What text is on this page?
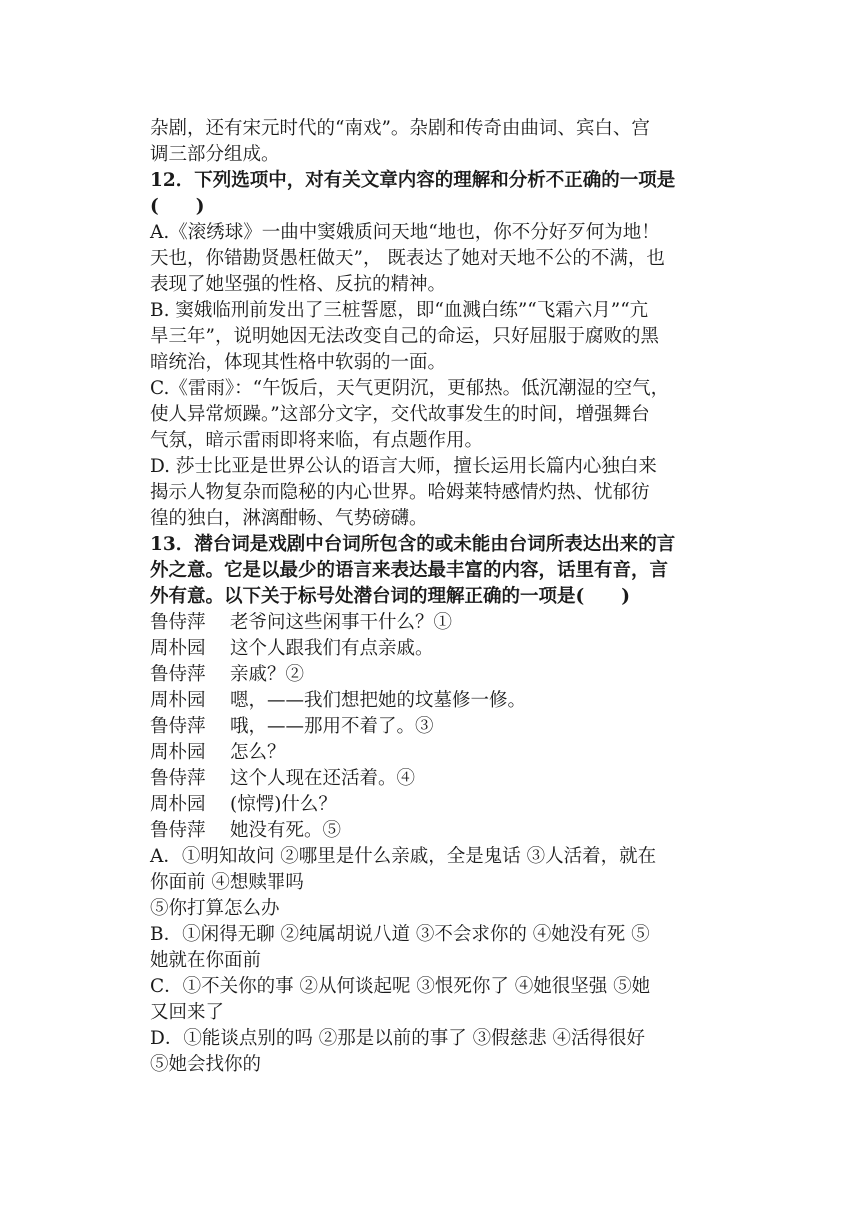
杂剧，还有宋元时代的“南戏”。杂剧和传奇由曲词、宾白、宫
调三部分组成。
12．下列选项中，对有关文章内容的理解和分析不正确的一项是
(　　)
A.《滚绣球》一曲中窦娥质问天地“地也，你不分好歹何为地！
天也，你错勘贤愚枉做天”， 既表达了她对天地不公的不满，也
表现了她坚强的性格、反抗的精神。
B. 窦娥临刑前发出了三桩誓愿，即“血溅白练”“飞霜六月”“亢
旱三年”，说明她因无法改变自己的命运，只好屈服于腐败的黑
暗统治，体现其性格中软弱的一面。
C.《雷雨》：“午饭后，天气更阴沉，更郁热。低沉潮湿的空气，
使人异常烦躁。”这部分文字，交代故事发生的时间，增强舞台
气氛，暗示雷雨即将来临，有点题作用。
D. 莎士比亚是世界公认的语言大师，擅长运用长篇内心独白来
揭示人物复杂而隐秘的内心世界。哈姆莱特感情灼热、忧郁彷
徨的独白，淋漓酣畅、气势磅礴。
13．潜台词是戏剧中台词所包含的或未能由台词所表达出来的言
外之意。它是以最少的语言来表达最丰富的内容，话里有音，言
外有意。以下关于标号处潜台词的理解正确的一项是(　　)
鲁侍萍	老爷问这些闲事干什么？①
周朴园	这个人跟我们有点亲戚。
鲁侍萍	亲戚？②
周朴园	嗯，——我们想把她的坟墓修一修。
鲁侍萍	哦，——那用不着了。③
周朴园	怎么？
鲁侍萍	这个人现在还活着。④
周朴园	(惊愕)什么？
鲁侍萍	她没有死。⑤
A．①明知故问 ②哪里是什么亲戚，全是鬼话 ③人活着，就在
你面前 ④想赎罪吗
⑤你打算怎么办
B．①闲得无聊 ②纯属胡说八道 ③不会求你的 ④她没有死 ⑤
她就在你面前
C．①不关你的事 ②从何谈起呢 ③恨死你了 ④她很坚强 ⑤她
又回来了
D．①能谈点别的吗 ②那是以前的事了 ③假慈悲 ④活得很好
⑤她会找你的
